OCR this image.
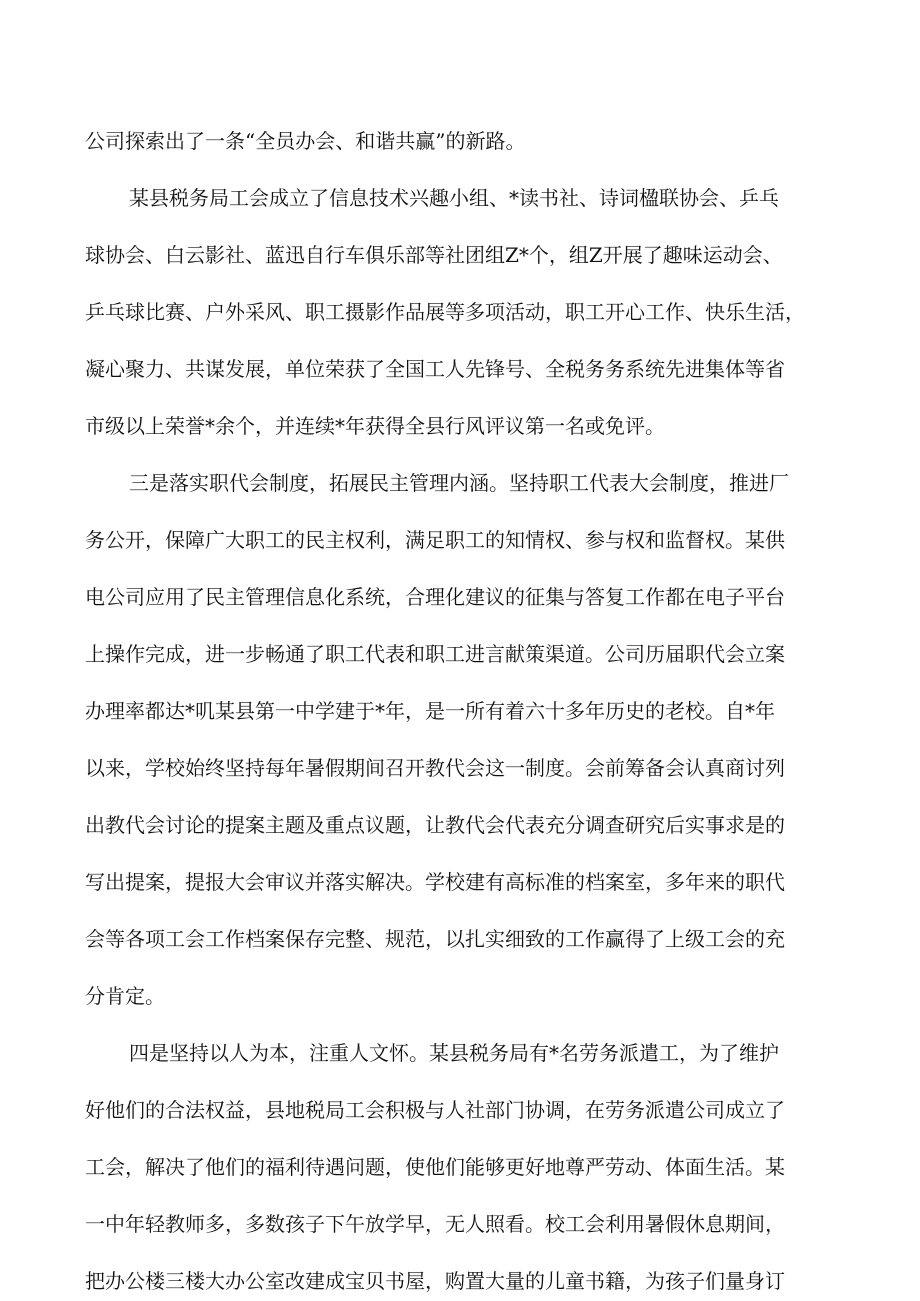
公司探索出了一条“全员办会、和谐共赢”的新路。
某县税务局工会成立了信息技术兴趣小组、*读书社、诗词楹联协会、乒乓
球协会、白云影社、蓝迅自行车俱乐部等社团组Z*个，组Z开展了趣味运动会、
乒乓球比赛、户外采风、职工摄影作品展等多项活动，职工开心工作、快乐生活，
凝心聚力、共谋发展，单位荣获了全国工人先锋号、全税务务系统先进集体等省
市级以上荣誉*余个，并连续*年获得全县行风评议第一名或免评。
三是落实职代会制度，拓展民主管理内涵。坚持职工代表大会制度，推进厂
务公开，保障广大职工的民主权利，满足职工的知情权、参与权和监督权。某供
电公司应用了民主管理信息化系统，合理化建议的征集与答复工作都在电子平台
上操作完成，进一步畅通了职工代表和职工进言献策渠道。公司历届职代会立案
办理率都达*叽某县第一中学建于*年，是一所有着六十多年历史的老校。自*年
以来，学校始终坚持每年暑假期间召开教代会这一制度。会前筹备会认真商讨列
出教代会讨论的提案主题及重点议题，让教代会代表充分调查研究后实事求是的
写出提案，提报大会审议并落实解决。学校建有高标准的档案室，多年来的职代
会等各项工会工作档案保存完整、规范，以扎实细致的工作赢得了上级工会的充
分肯定。
四是坚持以人为本，注重人文怀。某县税务局有*名劳务派遣工，为了维护
好他们的合法权益，县地税局工会积极与人社部门协调，在劳务派遣公司成立了
工会，解决了他们的福利待遇问题，使他们能够更好地尊严劳动、体面生活。某
一中年轻教师多，多数孩子下午放学早，无人照看。校工会利用暑假休息期间，
把办公楼三楼大办公室改建成宝贝书屋，购置大量的儿童书籍，为孩子们量身订
